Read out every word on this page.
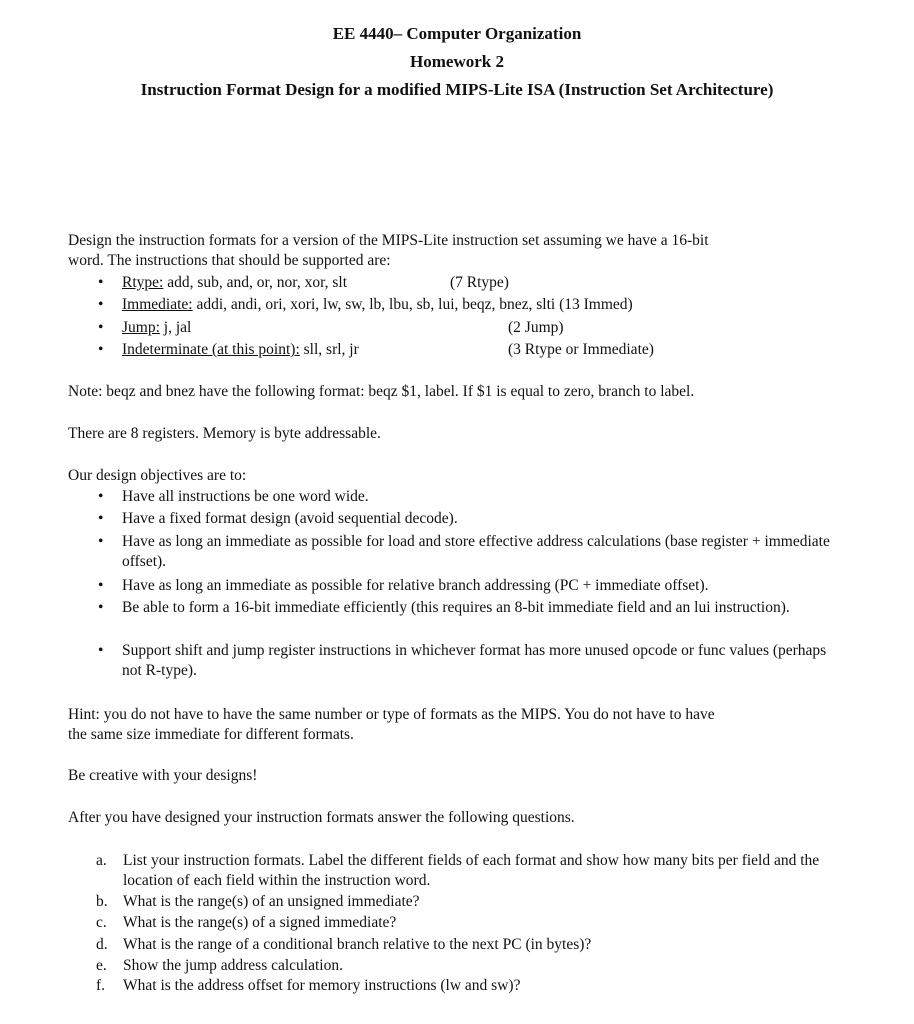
EE 4440– Computer Organization
Homework 2
Instruction Format Design for a modified MIPS-Lite ISA (Instruction Set Architecture)
Design the instruction formats for a version of the MIPS-Lite instruction set assuming we have a 16-bit
word. The instructions that should be supported are:
• Rtype: add, sub, and, or, nor, xor, slt	(7 Rtype)
• Immediate: addi, andi, ori, xori, lw, sw, lb, lbu, sb, lui, beqz, bnez, slti (13 Immed)
• Jump: j, jal	(2 Jump)
• Indeterminate (at this point): sll, srl, jr	(3 Rtype or Immediate)
Note: beqz and bnez have the following format: beqz $1, label. If $1 is equal to zero, branch to label.
There are 8 registers. Memory is byte addressable.
Our design objectives are to:
• Have all instructions be one word wide.
• Have a fixed format design (avoid sequential decode).
• Have as long an immediate as possible for load and store effective address calculations (base register + immediate offset).
• Have as long an immediate as possible for relative branch addressing (PC + immediate offset).
• Be able to form a 16-bit immediate efficiently (this requires an 8-bit immediate field and an lui instruction).
• Support shift and jump register instructions in whichever format has more unused opcode or func values (perhaps not R-type).
Hint: you do not have to have the same number or type of formats as the MIPS. You do not have to have
the same size immediate for different formats.
Be creative with your designs!
After you have designed your instruction formats answer the following questions.
a. List your instruction formats. Label the different fields of each format and show how many bits per field and the location of each field within the instruction word.
b. What is the range(s) of an unsigned immediate?
c. What is the range(s) of a signed immediate?
d. What is the range of a conditional branch relative to the next PC (in bytes)?
e. Show the jump address calculation.
f. What is the address offset for memory instructions (lw and sw)?
